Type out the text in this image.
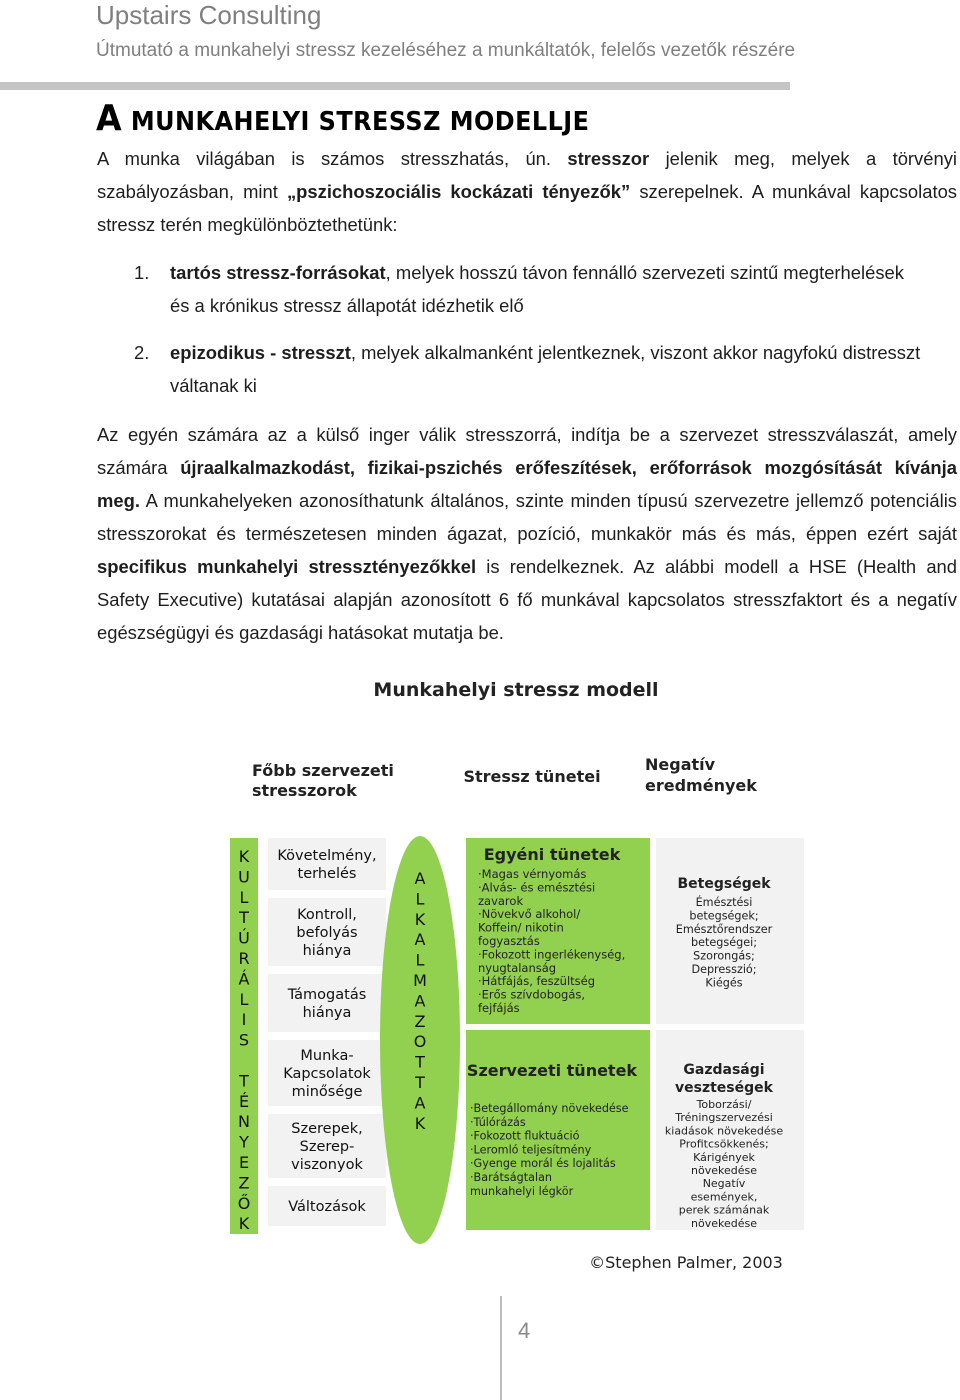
Upstairs Consulting
Útmutató a munkahelyi stressz kezeléséhez a munkáltatók, felelős vezetők részére
A MUNKAHELYI STRESSZ MODELLJE
A munka világában is számos stresszhatás, ún. stresszor jelenik meg, melyek a törvényi szabályozásban, mint „pszichoszociális kockázati tényezők” szerepelnek. A munkával kapcsolatos stressz terén megkülönböztethetünk:
1. tartós stressz-forrásokat, melyek hosszú távon fennálló szervezeti szintű megterhelések és a krónikus stressz állapotát idézhetik elő
2. epizodikus - stresszt, melyek alkalmanként jelentkeznek, viszont akkor nagyfokú distresszt váltanak ki
Az egyén számára az a külső inger válik stresszorrá, indítja be a szervezet stresszválaszát, amely számára újraalkalmazkodást, fizikai-pszichés erőfeszítések, erőforrások mozgósítását kívánja meg. A munkahelyeken azonosíthatunk általános, szinte minden típusú szervezetre jellemző potenciális stresszorokat és természetesen minden ágazat, pozíció, munkakör más és más, éppen ezért saját specifikus munkahelyi stressztényezőkkel is rendelkeznek. Az alábbi modell a HSE (Health and Safety Executive) kutatásai alapján azonosított 6 fő munkával kapcsolatos stresszfaktort és a negatív egészségügyi és gazdasági hatásokat mutatja be.
Munkahelyi stressz modell
Főbb szervezeti
stresszorok
Stressz tünetei
Negatív
eredmények
K
U
L
T
Ú
R
Á
L
I
S
T
É
N
Y
E
Z
Ő
K
Követelmény,
terhelés
Kontroll,
befolyás
hiánya
Támogatás
hiánya
Munka-
Kapcsolatok
minősége
Szerepek,
Szerep-
viszonyok
Változások
A
L
K
A
L
M
A
Z
O
T
T
A
K
Egyéni tünetek
·Magas vérnyomás
·Alvás- és emésztési
zavarok
·Növekvő alkohol/
Koffein/ nikotin
fogyasztás
·Fokozott ingerlékenység,
nyugtalanság
·Hátfájás, feszültség
·Erős szívdobogás,
fejfájás
Szervezeti tünetek
·Betegállomány növekedése
·Túlórázás
·Fokozott fluktuáció
·Leromló teljesítmény
·Gyenge morál és lojalitás
·Barátságtalan
munkahelyi légkör
Betegségek
Émésztési
betegségek;
Emésztőrendszer
betegségei;
Szorongás;
Depresszió;
Kiégés
Gazdasági
veszteségek
Toborzási/
Tréningszervezési
kiadások növekedése
Profitcsökkenés;
Kárigények
növekedése
Negatív
események,
perek számának
növekedése
©Stephen Palmer, 2003
4
